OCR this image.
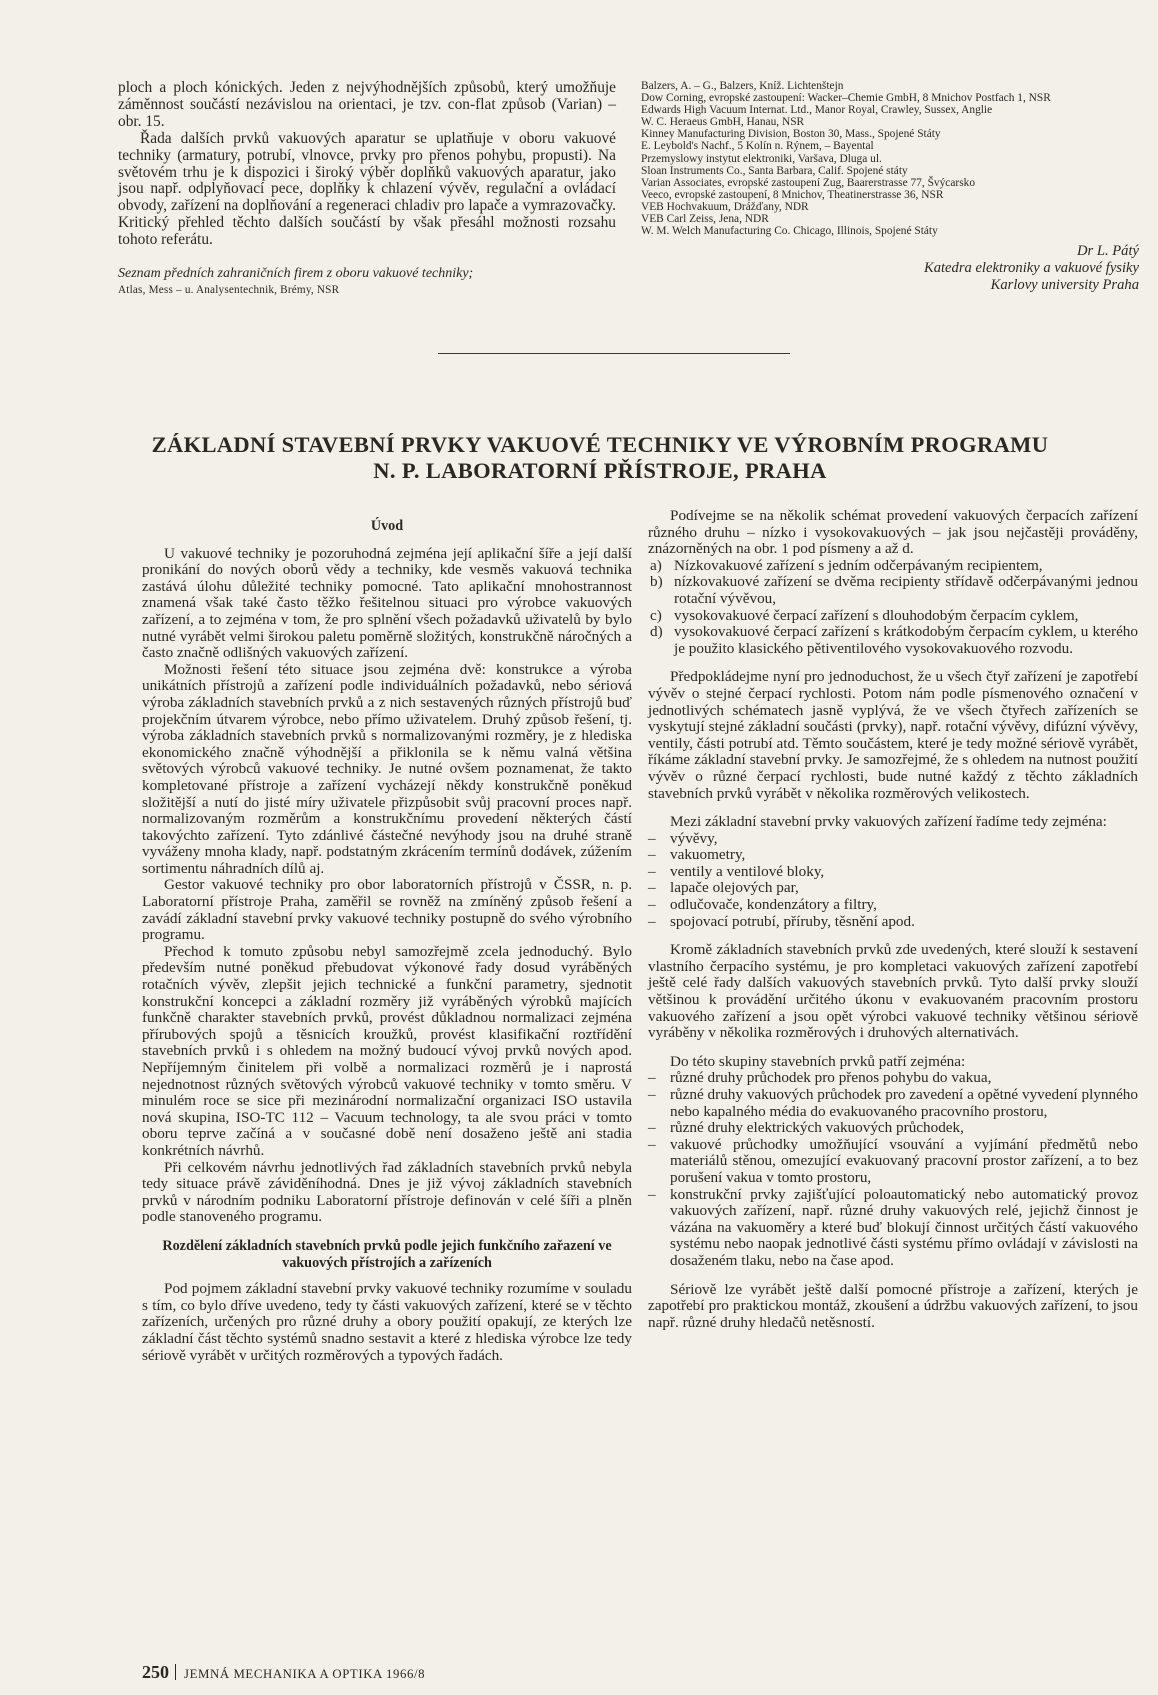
ploch a ploch kónických. Jeden z nejvýhodnějších způsobů, který umožňuje záměnnost součástí nezávislou na orientaci, je tzv. con-flat způsob (Varian) – obr. 15.

Řada dalších prvků vakuových aparatur se uplatňuje v oboru vakuové techniky (armatury, potrubí, vlnovce, prvky pro přenos pohybu, propusti). Na světovém trhu je k dispozici i široký výběr doplňků vakuových aparatur, jako jsou např. odplyňovací pece, doplňky k chlazení vývěv, regulační a ovládací obvody, zařízení na doplňování a regeneraci chladiv pro lapače a vymrazovačky. Kritický přehled těchto dalších součástí by však přesáhl možnosti rozsahu tohoto referátu.

Seznam předních zahraničních firem z oboru vakuové techniky;

Atlas, Mess – u. Analysentechnik, Brémy, NSR

Balzers, A. – G., Balzers, Kníž. Lichtenštejn

Dow Corning, evropské zastoupení: Wacker–Chemie GmbH, 8 Mnichov Postfach 1, NSR

Edwards High Vacuum Internat. Ltd., Manor Royal, Crawley, Sussex, Anglie

W. C. Heraeus GmbH, Hanau, NSR

Kinney Manufacturing Division, Boston 30, Mass., Spojené Státy

E. Leybold's Nachf., 5 Kolín n. Rýnem, – Bayental

Przemyslowy instytut elektroniki, Varšava, Dluga ul.

Sloan Instruments Co., Santa Barbara, Calif. Spojené státy

Varian Associates, evropské zastoupení Zug, Baarerstrasse 77, Švýcarsko

Veeco, evropské zastoupení, 8 Mnichov, Theatinerstrasse 36, NSR

VEB Hochvakuum, Drážďany, NDR

VEB Carl Zeiss, Jena, NDR

W. M. Welch Manufacturing Co. Chicago, Illinois, Spojené Státy

Dr L. Pátý

Katedra elektroniky a vakuové fysiky

Karlovy university Praha

ZÁKLADNÍ STAVEBNÍ PRVKY VAKUOVÉ TECHNIKY VE VÝROBNÍM PROGRAMU
N. P. LABORATORNÍ PŘÍSTROJE, PRAHA
Úvod

U vakuové techniky je pozoruhodná zejména její aplikační šíře a její další pronikání do nových oborů vědy a techniky, kde vesměs vakuová technika zastává úlohu důležité techniky pomocné. Tato aplikační mnohostrannost znamená však také často těžko řešitelnou situaci pro výrobce vakuových zařízení, a to zejména v tom, že pro splnění všech požadavků uživatelů by bylo nutné vyrábět velmi širokou paletu poměrně složitých, konstrukčně náročných a často značně odlišných vakuových zařízení.

Možnosti řešení této situace jsou zejména dvě: konstrukce a výroba unikátních přístrojů a zařízení podle individuálních požadavků, nebo sériová výroba základních stavebních prvků a z nich sestavených různých přístrojů buď projekčním útvarem výrobce, nebo přímo uživatelem. Druhý způsob řešení, tj. výroba základních stavebních prvků s normalizovanými rozměry, je z hlediska ekonomického značně výhodnější a přiklonila se k němu valná většina světových výrobců vakuové techniky. Je nutné ovšem poznamenat, že takto kompletované přístroje a zařízení vycházejí někdy konstrukčně poněkud složitější a nutí do jisté míry uživatele přizpůsobit svůj pracovní proces např. normalizovaným rozměrům a konstrukčnímu provedení některých částí takovýchto zařízení. Tyto zdánlivé částečné nevýhody jsou na druhé straně vyváženy mnoha klady, např. podstatným zkrácením termínů dodávek, zúžením sortimentu náhradních dílů aj.

Gestor vakuové techniky pro obor laboratorních přístrojů v ČSSR, n. p. Laboratorní přístroje Praha, zaměřil se rovněž na zmíněný způsob řešení a zavádí základní stavební prvky vakuové techniky postupně do svého výrobního programu.

Přechod k tomuto způsobu nebyl samozřejmě zcela jednoduchý. Bylo především nutné poněkud přebudovat výkonové řady dosud vyráběných rotačních vývěv, zlepšit jejich technické a funkční parametry, sjednotit konstrukční koncepci a základní rozměry již vyráběných výrobků majících funkčně charakter stavebních prvků, provést důkladnou normalizaci zejména přírubových spojů a těsnicích kroužků, provést klasifikační roztřídění stavebních prvků i s ohledem na možný budoucí vývoj prvků nových apod. Nepříjemným činitelem při volbě a normalizaci rozměrů je i naprostá nejednotnost různých světových výrobců vakuové techniky v tomto směru. V minulém roce se sice při mezinárodní normalizační organizaci ISO ustavila nová skupina, ISO-TC 112 – Vacuum technology, ta ale svou práci v tomto oboru teprve začíná a v současné době není dosaženo ještě ani stadia konkrétních návrhů.

Při celkovém návrhu jednotlivých řad základních stavebních prvků nebyla tedy situace právě záviděníhodná. Dnes je již vývoj základních stavebních prvků v národním podniku Laboratorní přístroje definován v celé šíři a plněn podle stanoveného programu.

Rozdělení základních stavebních prvků podle jejich funkčního zařazení ve vakuových přístrojích a zařízeních

Pod pojmem základní stavební prvky vakuové techniky rozumíme v souladu s tím, co bylo dříve uvedeno, tedy ty části vakuových zařízení, které se v těchto zařízeních, určených pro různé druhy a obory použití opakují, ze kterých lze základní část těchto systémů snadno sestavit a které z hlediska výrobce lze tedy sériově vyrábět v určitých rozměrových a typových řadách.

Podívejme se na několik schémat provedení vakuových čerpacích zařízení různého druhu – nízko i vysokovakuových – jak jsou nejčastěji prováděny, znázorněných na obr. 1 pod písmeny a až d.

a) Nízkovakuové zařízení s jedním odčerpávaným recipientem,
b) nízkovakuové zařízení se dvěma recipienty střídavě odčerpávanými jednou rotační vývěvou,
c) vysokovakuové čerpací zařízení s dlouhodobým čerpacím cyklem,
d) vysokovakuové čerpací zařízení s krátkodobým čerpacím cyklem, u kterého je použito klasického pětiventilového vysokovakuového rozvodu.

Předpokládejme nyní pro jednoduchost, že u všech čtyř zařízení je zapotřebí vývěv o stejné čerpací rychlosti. Potom nám podle písmenového označení v jednotlivých schématech jasně vyplývá, že ve všech čtyřech zařízeních se vyskytují stejné základní součásti (prvky), např. rotační vývěvy, difúzní vývěvy, ventily, části potrubí atd. Těmto součástem, které je tedy možné sériově vyrábět, říkáme základní stavební prvky. Je samozřejmé, že s ohledem na nutnost použití vývěv o různé čerpací rychlosti, bude nutné každý z těchto základních stavebních prvků vyrábět v několika rozměrových velikostech.

Mezi základní stavební prvky vakuových zařízení řadíme tedy zejména:

– vývěvy,
– vakuometry,
– ventily a ventilové bloky,
– lapače olejových par,
– odlučovače, kondenzátory a filtry,
– spojovací potrubí, příruby, těsnění apod.

Kromě základních stavebních prvků zde uvedených, které slouží k sestavení vlastního čerpacího systému, je pro kompletaci vakuových zařízení zapotřebí ještě celé řady dalších vakuových stavebních prvků. Tyto další prvky slouží většinou k provádění určitého úkonu v evakuovaném pracovním prostoru vakuového zařízení a jsou opět výrobci vakuové techniky většinou sériově vyráběny v několika rozměrových i druhových alternativách.

Do této skupiny stavebních prvků patří zejména:

– různé druhy průchodek pro přenos pohybu do vakua,
– různé druhy vakuových průchodek pro zavedení a opětné vyvedení plynného nebo kapalného média do evakuovaného pracovního prostoru,
– různé druhy elektrických vakuových průchodek,
– vakuové průchodky umožňující vsouvání a vyjímání předmětů nebo materiálů stěnou, omezující evakuovaný pracovní prostor zařízení, a to bez porušení vakua v tomto prostoru,
– konstrukční prvky zajišťující poloautomatický nebo automatický provoz vakuových zařízení, např. různé druhy vakuových relé, jejichž činnost je vázána na vakuoměry a které buď blokují činnost určitých částí vakuového systému nebo naopak jednotlivé části systému přímo ovládají v závislosti na dosaženém tlaku, nebo na čase apod.

Sériově lze vyrábět ještě další pomocné přístroje a zařízení, kterých je zapotřebí pro praktickou montáž, zkoušení a údržbu vakuových zařízení, to jsou např. různé druhy hledačů netěsností.

250 JEMNÁ MECHANIKA A OPTIKA 1966/8
